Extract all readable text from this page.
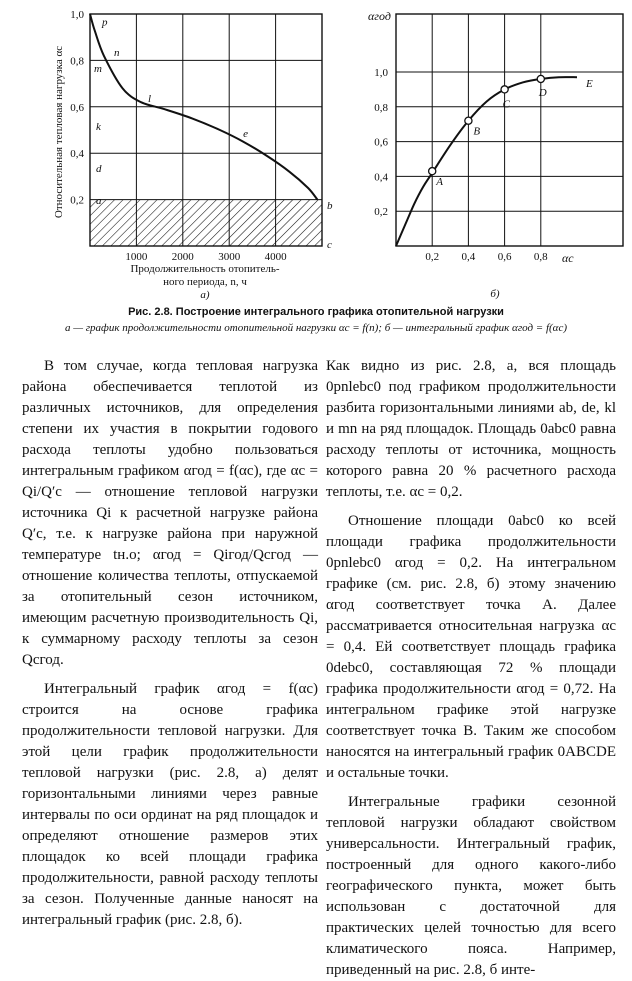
Относительная тепловая нагрузка αс
1,0
0,8
0,6
0,4
0,2
1000 2000 3000 4000
p
n
m
l
k
e
d
a	b
c
Продолжительность отопитель-
ного периода, n, ч
а)
αгод
1,0
0,8
0,6
0,4
0,2
0,2 0,4 0,6 0,8
A
B
C
D
E
αс
б)
Рис. 2.8. Построение интегрального графика отопительной нагрузки
а — график продолжительности отопительной нагрузки αс = f(n); б — интегральный график αгод = f(αс)

В том случае, когда тепловая нагрузка района обеспечивается теплотой из различных источников, для определения степени их участия в покрытии годового расхода теплоты удобно пользоваться интегральным графиком αгод = f(αс), где αс = Qi/Q′с — отношение тепловой нагрузки источника Qi к расчетной нагрузке района Q′с, т.е. к нагрузке района при наружной температуре tн.о; αгод = Qiгод/Qсгод — отношение количества теплоты, отпускаемой за отопительный сезон источником, имеющим расчетную производительность Qi, к суммарному расходу теплоты за сезон Qсгод.

Интегральный график αгод = f(αс) строится на основе графика продолжительности тепловой нагрузки. Для этой цели график продолжительности тепловой нагрузки (рис. 2.8, а) делят горизонтальными линиями через равные интервалы по оси ординат на ряд площадок и определяют отношение размеров этих площадок ко всей площади графика продолжительности, равной расходу теплоты за сезон. Полученные данные наносят на интегральный график (рис. 2.8, б).

Как видно из рис. 2.8, а, вся площадь 0pnlebc0 под графиком продолжительности разбита горизонтальными линиями ab, de, kl и mn на ряд площадок. Площадь 0abc0 равна расходу теплоты от источника, мощность которого равна 20 % расчетного расхода теплоты, т.е. αс = 0,2.

Отношение площади 0abc0 ко всей площади графика продолжительности 0pnlebc0 αгод = 0,2. На интегральном графике (см. рис. 2.8, б) этому значению αгод соответствует точка A. Далее рассматривается относительная нагрузка αс = 0,4. Ей соответствует площадь графика 0debc0, составляющая 72 % площади графика продолжительности αгод = 0,72. На интегральном графике этой нагрузке соответствует точка B. Таким же способом наносятся на интегральный график 0ABCDE и остальные точки.

Интегральные графики сезонной тепловой нагрузки обладают свойством универсальности. Интегральный график, построенный для одного какого-либо географического пункта, может быть использован с достаточной для практических целей точностью для всего климатического пояса. Например, приведенный на рис. 2.8, б инте-
